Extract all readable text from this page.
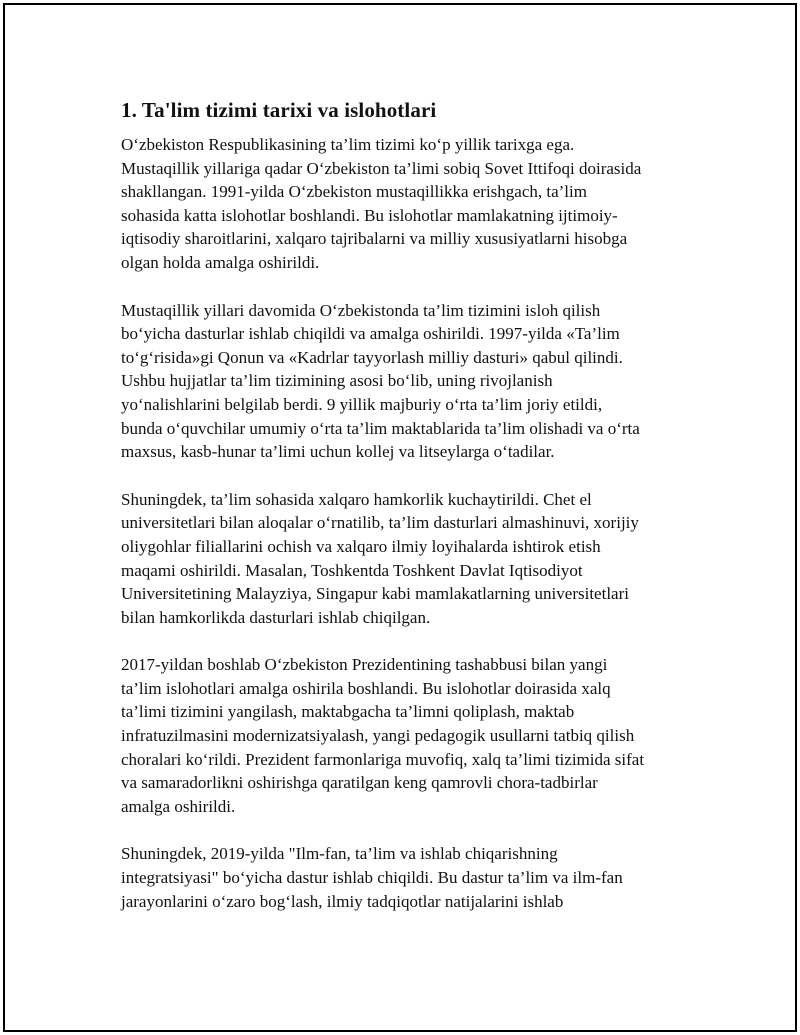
1. Ta'lim tizimi tarixi va islohotlari
O‘zbekiston Respublikasining ta’lim tizimi ko‘p yillik tarixga ega.
Mustaqillik yillariga qadar O‘zbekiston ta’limi sobiq Sovet Ittifoqi doirasida
shakllangan. 1991-yilda O‘zbekiston mustaqillikka erishgach, ta’lim
sohasida katta islohotlar boshlandi. Bu islohotlar mamlakatning ijtimoiy-
iqtisodiy sharoitlarini, xalqaro tajribalarni va milliy xususiyatlarni hisobga
olgan holda amalga oshirildi.
Mustaqillik yillari davomida O‘zbekistonda ta’lim tizimini isloh qilish
bo‘yicha dasturlar ishlab chiqildi va amalga oshirildi. 1997-yilda «Ta’lim
to‘g‘risida»gi Qonun va «Kadrlar tayyorlash milliy dasturi» qabul qilindi.
Ushbu hujjatlar ta’lim tizimining asosi bo‘lib, uning rivojlanish
yo‘nalishlarini belgilab berdi. 9 yillik majburiy o‘rta ta’lim joriy etildi,
bunda o‘quvchilar umumiy o‘rta ta’lim maktablarida ta’lim olishadi va o‘rta
maxsus, kasb-hunar ta’limi uchun kollej va litseylarga o‘tadilar.
Shuningdek, ta’lim sohasida xalqaro hamkorlik kuchaytirildi. Chet el
universitetlari bilan aloqalar o‘rnatilib, ta’lim dasturlari almashinuvi, xorijiy
oliygohlar filiallarini ochish va xalqaro ilmiy loyihalarda ishtirok etish
maqami oshirildi. Masalan, Toshkentda Toshkent Davlat Iqtisodiyot
Universitetining Malayziya, Singapur kabi mamlakatlarning universitetlari
bilan hamkorlikda dasturlari ishlab chiqilgan.
2017-yildan boshlab O‘zbekiston Prezidentining tashabbusi bilan yangi
ta’lim islohotlari amalga oshirila boshlandi. Bu islohotlar doirasida xalq
ta’limi tizimini yangilash, maktabgacha ta’limni qoliplash, maktab
infratuzilmasini modernizatsiyalash, yangi pedagogik usullarni tatbiq qilish
choralari ko‘rildi. Prezident farmonlariga muvofiq, xalq ta’limi tizimida sifat
va samaradorlikni oshirishga qaratilgan keng qamrovli chora-tadbirlar
amalga oshirildi.
Shuningdek, 2019-yilda "Ilm-fan, ta’lim va ishlab chiqarishning
integratsiyasi" bo‘yicha dastur ishlab chiqildi. Bu dastur ta’lim va ilm-fan
jarayonlarini o‘zaro bog‘lash, ilmiy tadqiqotlar natijalarini ishlab
